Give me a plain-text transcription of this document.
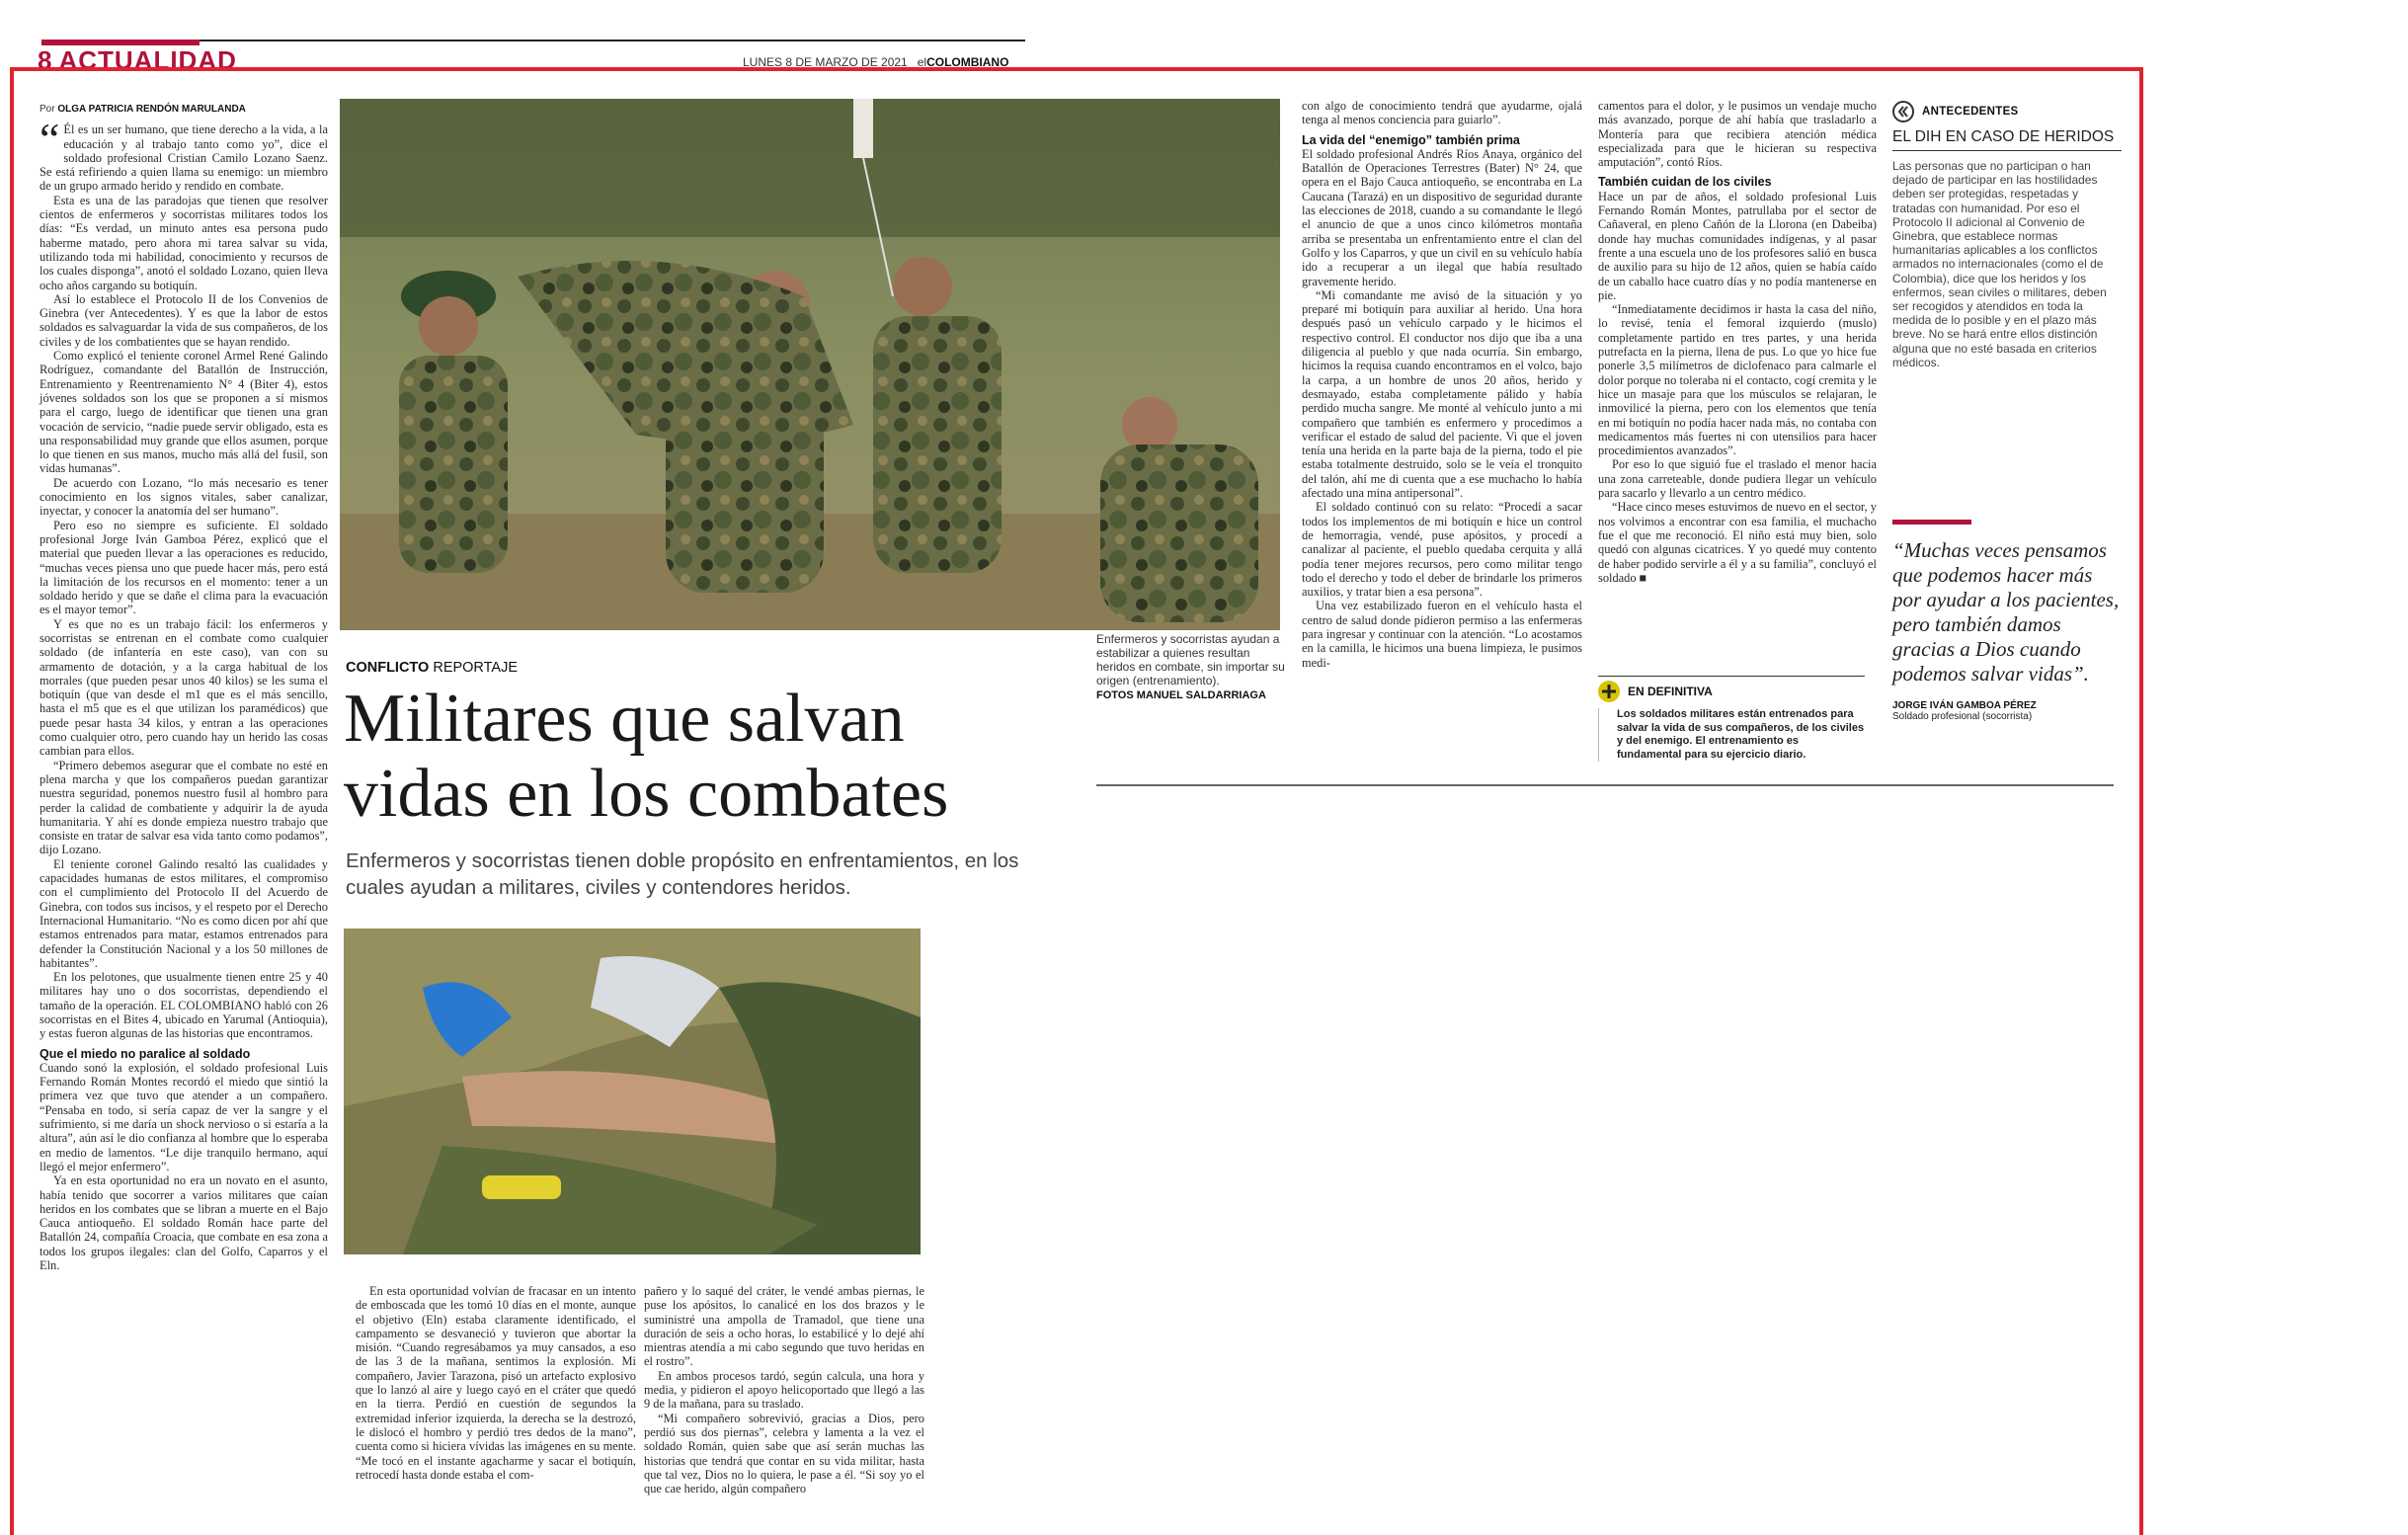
8 ACTUALIDAD	LUNES 8 DE MARZO DE 2021 elCOLOMBIANO
Por OLGA PATRICIA RENDÓN MARULANDA
“ Él es un ser humano, que tiene derecho a la vida, a la educación y al trabajo tanto como yo”, dice el soldado profesional Cristian Camilo Lozano Saenz. Se está refiriendo a quien llama su enemigo: un miembro de un grupo armado herido y rendido en combate.

Esta es una de las paradojas que tienen que resolver cientos de enfermeros y socorristas militares todos los días: “Es verdad, un minuto antes esa persona pudo haberme matado, pero ahora mi tarea salvar su vida, utilizando toda mi habilidad, conocimiento y recursos de los cuales disponga”, anotó el soldado Lozano, quien lleva ocho años cargando su botiquín.

Así lo establece el Protocolo II de los Convenios de Ginebra (ver Antecedentes). Y es que la labor de estos soldados es salvaguardar la vida de sus compañeros, de los civiles y de los combatientes que se hayan rendido.

Como explicó el teniente coronel Armel René Galindo Rodríguez, comandante del Batallón de Instrucción, Entrenamiento y Reentrenamiento N° 4 (Biter 4), estos jóvenes soldados son los que se proponen a sí mismos para el cargo, luego de identificar que tienen una gran vocación de servicio, “nadie puede servir obligado, esta es una responsabilidad muy grande que ellos asumen, porque lo que tienen en sus manos, mucho más allá del fusil, son vidas humanas”.

De acuerdo con Lozano, “lo más necesario es tener conocimiento en los signos vitales, saber canalizar, inyectar, y conocer la anatomía del ser humano”.

Pero eso no siempre es suficiente. El soldado profesional Jorge Iván Gamboa Pérez, explicó que el material que pueden llevar a las operaciones es reducido, “muchas veces piensa uno que puede hacer más, pero está la limitación de los recursos en el momento: tener a un soldado herido y que se dañe el clima para la evacuación es el mayor temor”.

Y es que no es un trabajo fácil: los enfermeros y socorristas se entrenan en el combate como cualquier soldado (de infantería en este caso), van con su armamento de dotación, y a la carga habitual de los morrales (que pueden pesar unos 40 kilos) se les suma el botiquín (que van desde el m1 que es el más sencillo, hasta el m5 que es el que utilizan los paramédicos) que puede pesar hasta 34 kilos, y entran a las operaciones como cualquier otro, pero cuando hay un herido las cosas cambian para ellos.

“Primero debemos asegurar que el combate no esté en plena marcha y que los compañeros puedan garantizar nuestra seguridad, ponemos nuestro fusil al hombro para perder la calidad de combatiente y adquirir la de ayuda humanitaria. Y ahí es donde empieza nuestro trabajo que consiste en tratar de salvar esa vida tanto como podamos”, dijo Lozano.

El teniente coronel Galindo resaltó las cualidades y capacidades humanas de estos militares, el compromiso con el cumplimiento del Protocolo II del Acuerdo de Ginebra, con todos sus incisos, y el respeto por el Derecho Internacional Humanitario. “No es como dicen por ahí que estamos entrenados para matar, estamos entrenados para defender la Constitución Nacional y a los 50 millones de habitantes”.

En los pelotones, que usualmente tienen entre 25 y 40 militares hay uno o dos socorristas, dependiendo el tamaño de la operación. EL COLOMBIANO habló con 26 socorristas en el Bites 4, ubicado en Yarumal (Antioquia), y estas fueron algunas de las historias que encontramos.

Que el miedo no paralice al soldado

Cuando sonó la explosión, el soldado profesional Luis Fernando Román Montes recordó el miedo que sintió la primera vez que tuvo que atender a un compañero. “Pensaba en todo, si sería capaz de ver la sangre y el sufrimiento, si me daría un shock nervioso o si estaría a la altura”, aún así le dio confianza al hombre que lo esperaba en medio de lamentos. “Le dije tranquilo hermano, aquí llegó el mejor enfermero”.

Ya en esta oportunidad no era un novato en el asunto, había tenido que socorrer a varios militares que caían heridos en los combates que se libran a muerte en el Bajo Cauca antioqueño. El soldado Román hace parte del Batallón 24, compañía Croacia, que combate en esa zona a todos los grupos ilegales: clan del Golfo, Caparros y el Eln.

Enfermeros y socorristas ayudan a estabilizar a quienes resultan heridos en combate, sin importar su origen (entrenamiento).
FOTOS MANUEL SALDARRIAGA
CONFLICTO REPORTAJE
Militares que salvan vidas en los combates
Enfermeros y socorristas tienen doble propósito en enfrentamientos, en los cuales ayudan a militares, civiles y contendores heridos.

En esta oportunidad volvían de fracasar en un intento de emboscada que les tomó 10 días en el monte, aunque el objetivo (Eln) estaba claramente identificado, el campamento se desvaneció y tuvieron que abortar la misión. “Cuando regresábamos ya muy cansados, a eso de las 3 de la mañana, sentimos la explosión. Mi compañero, Javier Tarazona, pisó un artefacto explosivo que lo lanzó al aire y luego cayó en el cráter que quedó en la tierra. Perdió en cuestión de segundos la extremidad inferior izquierda, la derecha se la destrozó, le dislocó el hombro y perdió tres dedos de la mano”, cuenta como si hiciera vívidas las imágenes en su mente. “Me tocó en el instante agacharme y sacar el botiquín, retrocedí hasta donde estaba el com-

pañero y lo saqué del cráter, le vendé ambas piernas, le puse los apósitos, lo canalicé en los dos brazos y le suministré una ampolla de Tramadol, que tiene una duración de seis a ocho horas, lo estabilicé y lo dejé ahí mientras atendía a mi cabo segundo que tuvo heridas en el rostro”.

En ambos procesos tardó, según calcula, una hora y media, y pidieron el apoyo helicoportado que llegó a las 9 de la mañana, para su traslado.

“Mi compañero sobrevivió, gracias a Dios, pero perdió sus dos piernas”, celebra y lamenta a la vez el soldado Román, quien sabe que así serán muchas las historias que tendrá que contar en su vida militar, hasta que tal vez, Dios no lo quiera, le pase a él. “Si soy yo el que cae herido, algún compañero

con algo de conocimiento tendrá que ayudarme, ojalá tenga al menos conciencia para guiarlo”.

La vida del “enemigo” también prima

El soldado profesional Andrés Ríos Anaya, orgánico del Batallón de Operaciones Terrestres (Bater) N° 24, que opera en el Bajo Cauca antioqueño, se encontraba en La Caucana (Tarazá) en un dispositivo de seguridad durante las elecciones de 2018, cuando a su comandante le llegó el anuncio de que a unos cinco kilómetros montaña arriba se presentaba un enfrentamiento entre el clan del Golfo y los Caparros, y que un civil en su vehículo había ido a recuperar a un ilegal que había resultado gravemente herido.

“Mi comandante me avisó de la situación y yo preparé mi botiquín para auxiliar al herido. Una hora después pasó un vehículo carpado y le hicimos el respectivo control. El conductor nos dijo que iba a una diligencia al pueblo y que nada ocurría. Sin embargo, hicimos la requisa cuando encontramos en el volco, bajo la carpa, a un hombre de unos 20 años, herido y desmayado, estaba completamente pálido y había perdido mucha sangre. Me monté al vehículo junto a mi compañero que también es enfermero y procedimos a verificar el estado de salud del paciente. Vi que el joven tenía una herida en la parte baja de la pierna, todo el pie estaba totalmente destruido, solo se le veía el tronquito del talón, ahí me di cuenta que a ese muchacho lo había afectado una mina antipersonal”.

El soldado continuó con su relato: “Procedí a sacar todos los implementos de mi botiquín e hice un control de hemorragia, vendé, puse apósitos, y procedí a canalizar al paciente, el pueblo quedaba cerquita y allá podía tener mejores recursos, pero como militar tengo todo el derecho y todo el deber de brindarle los primeros auxilios, y tratar bien a esa persona”.

Una vez estabilizado fueron en el vehículo hasta el centro de salud donde pidieron permiso a las enfermeras para ingresar y continuar con la atención. “Lo acostamos en la camilla, le hicimos una buena limpieza, le pusimos medi-

camentos para el dolor, y le pusimos un vendaje mucho más avanzado, porque de ahí había que trasladarlo a Montería para que recibiera atención médica especializada para que le hicieran su respectiva amputación”, contó Ríos.

También cuidan de los civiles

Hace un par de años, el soldado profesional Luis Fernando Román Montes, patrullaba por el sector de Cañaveral, en pleno Cañón de la Llorona (en Dabeiba) donde hay muchas comunidades indígenas, y al pasar frente a una escuela uno de los profesores salió en busca de auxilio para su hijo de 12 años, quien se había caído de un caballo hace cuatro días y no podía mantenerse en pie.

“Inmediatamente decidimos ir hasta la casa del niño, lo revisé, tenía el femoral izquierdo (muslo) completamente partido en tres partes, y una herida putrefacta en la pierna, llena de pus. Lo que yo hice fue ponerle 3,5 milímetros de diclofenaco para calmarle el dolor porque no toleraba ni el contacto, cogí cremita y le hice un masaje para que los músculos se relajaran, le inmovilicé la pierna, pero con los elementos que tenía en mi botiquín no podía hacer nada más, no contaba con medicamentos más fuertes ni con utensilios para hacer procedimientos avanzados”.

Por eso lo que siguió fue el traslado el menor hacia una zona carreteable, donde pudiera llegar un vehículo para sacarlo y llevarlo a un centro médico.

“Hace cinco meses estuvimos de nuevo en el sector, y nos volvimos a encontrar con esa familia, el muchacho fue el que me reconoció. El niño está muy bien, solo quedó con algunas cicatrices. Y yo quedé muy contento de haber podido servirle a él y a su familia”, concluyó el soldado ■

EN DEFINITIVA
Los soldados militares están entrenados para salvar la vida de sus compañeros, de los civiles y del enemigo. El entrenamiento es fundamental para su ejercicio diario.
ANTECEDENTES
EL DIH EN CASO DE HERIDOS
Las personas que no participan o han dejado de participar en las hostilidades deben ser protegidas, respetadas y tratadas con humanidad. Por eso el Protocolo II adicional al Convenio de Ginebra, que establece normas humanitarias aplicables a los conflictos armados no internacionales (como el de Colombia), dice que los heridos y los enfermos, sean civiles o militares, deben ser recogidos y atendidos en toda la medida de lo posible y en el plazo más breve. No se hará entre ellos distinción alguna que no esté basada en criterios médicos.
“Muchas veces pensamos que podemos hacer más por ayudar a los pacientes, pero también damos gracias a Dios cuando podemos salvar vidas”.
JORGE IVÁN GAMBOA PÉREZ
Soldado profesional (socorrista)
